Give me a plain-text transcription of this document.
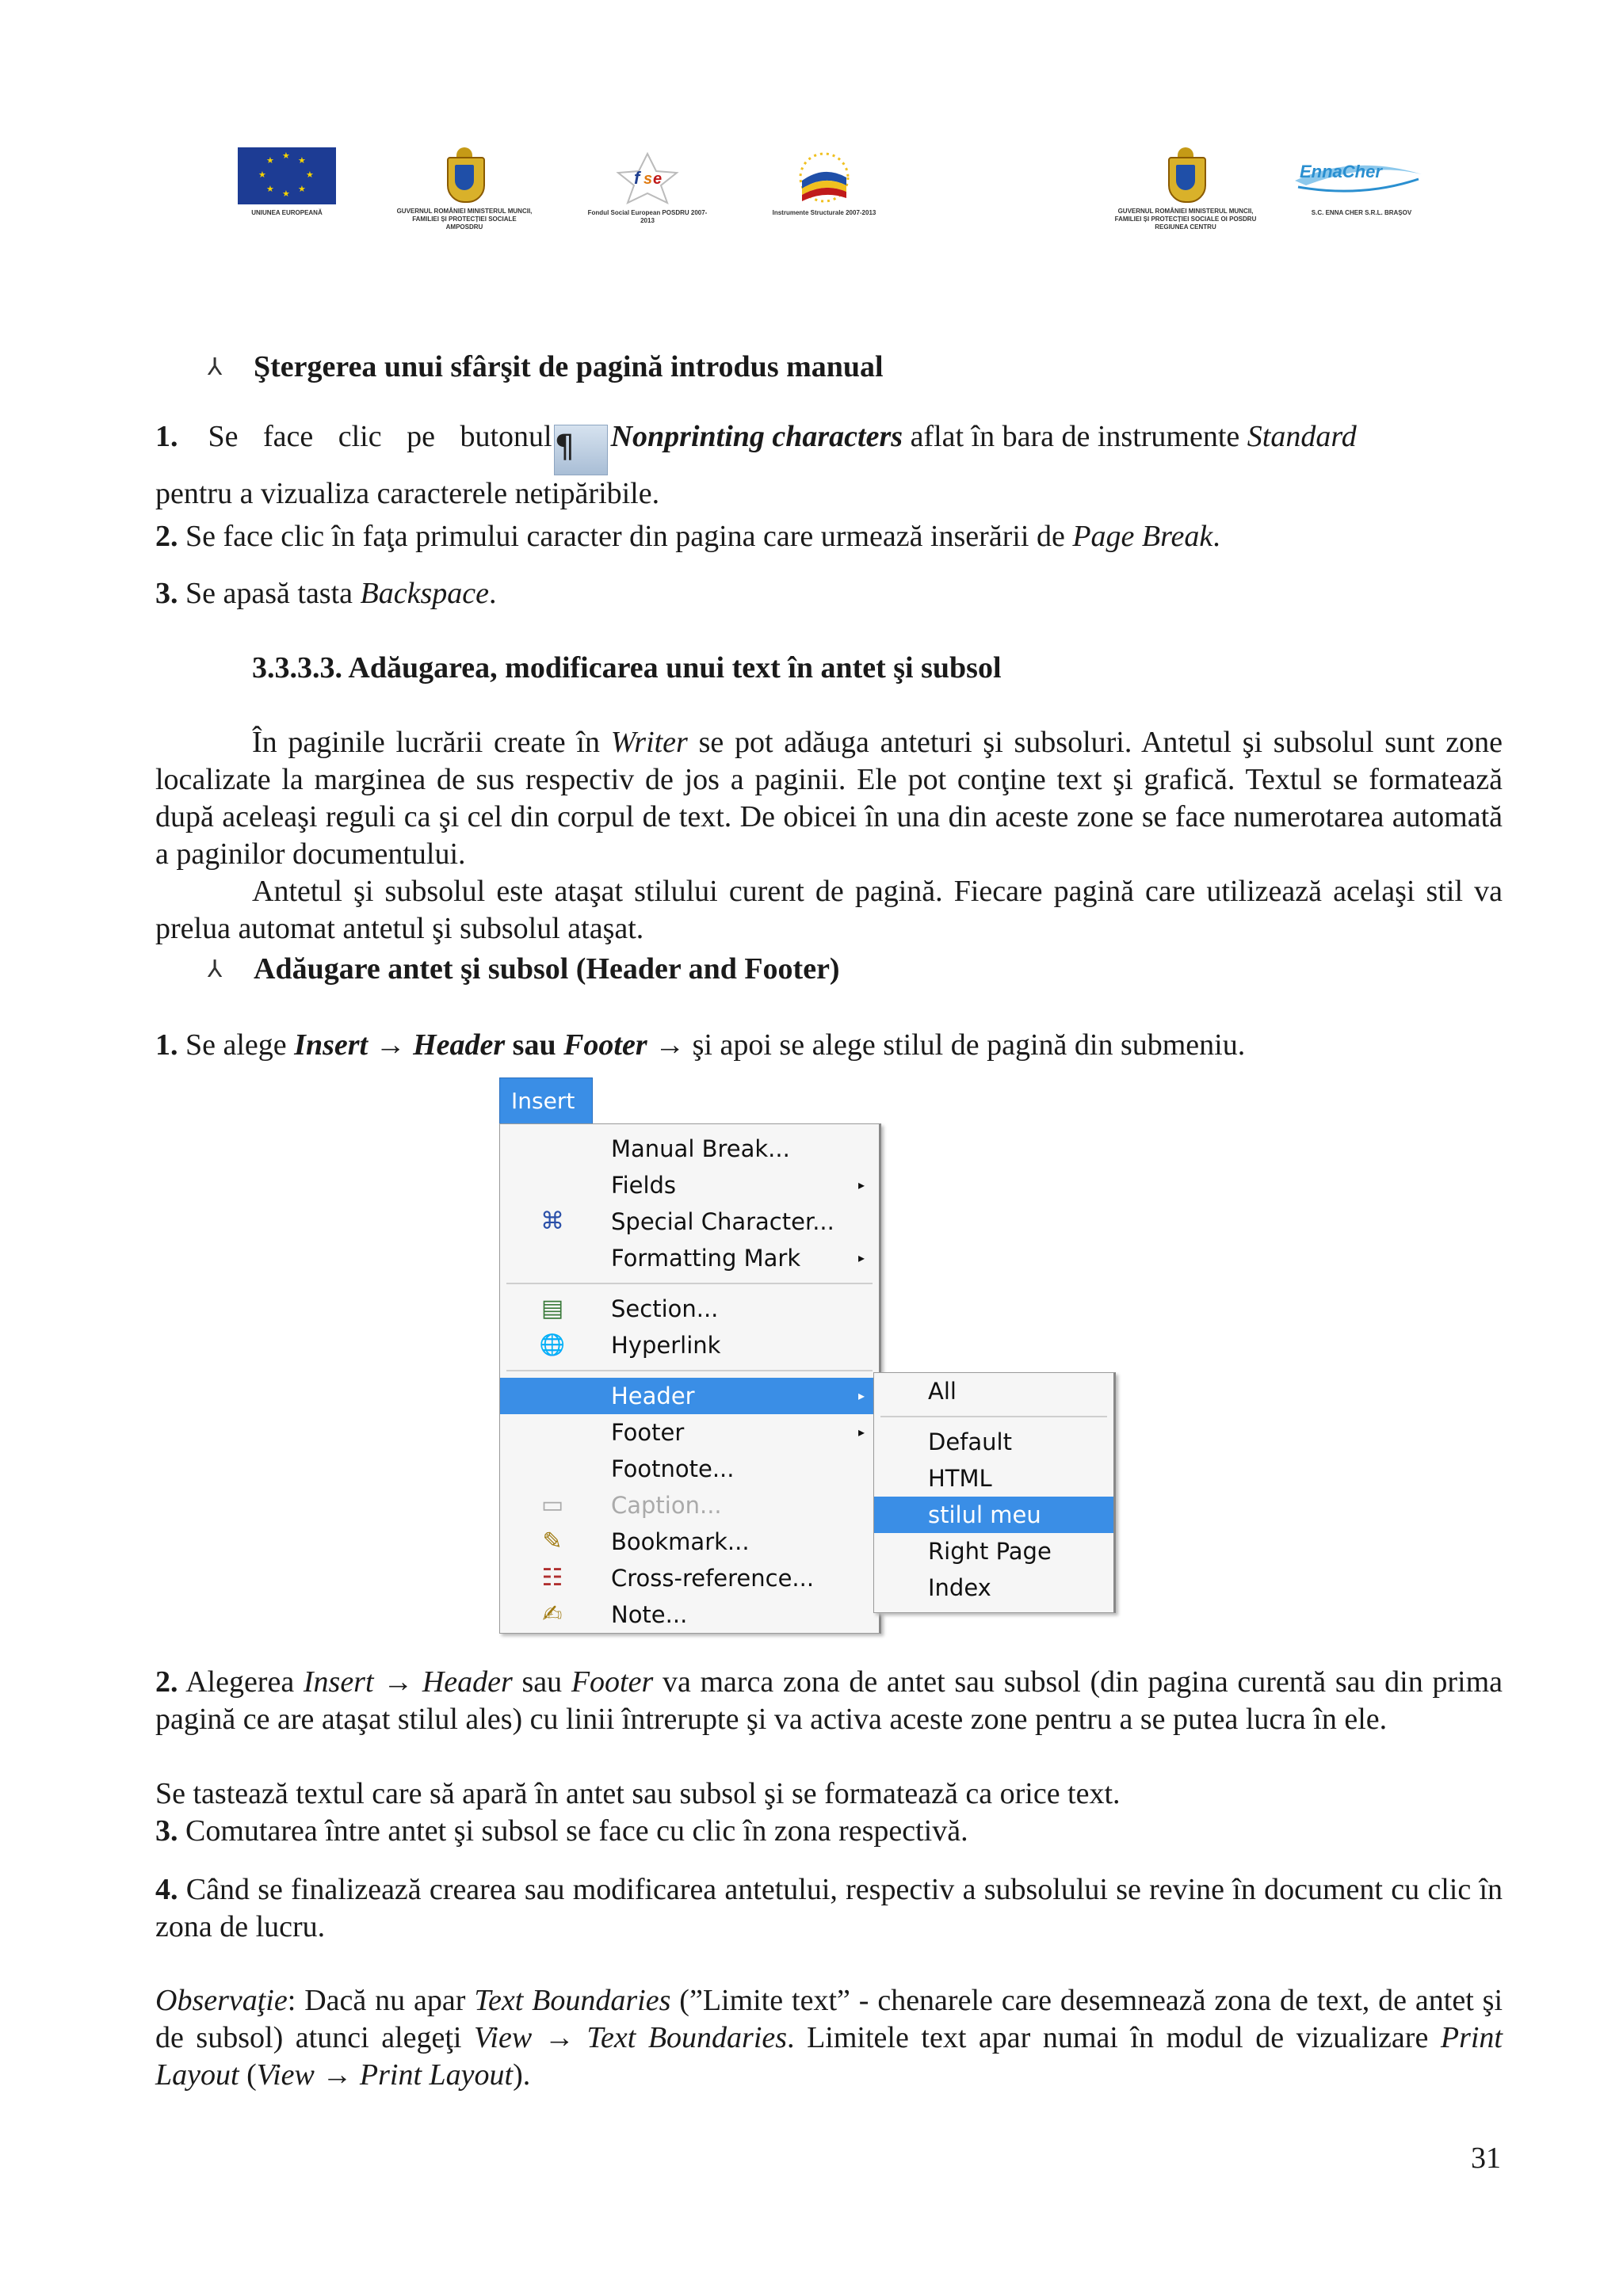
★ ★
★
★
★
★
★
★
UNIUNEA EUROPEANĂ	GUVERNUL ROMÂNIEI MINISTERUL MUNCII, FAMILIEI ȘI PROTECȚIEI SOCIALE AMPOSDRU
f s e
Fondul Social European POSDRU 2007-2013
Instrumente Structurale 2007-2013	GUVERNUL ROMÂNIEI MINISTERUL MUNCII, FAMILIEI ȘI PROTECȚIEI SOCIALE OI POSDRU REGIUNEA CENTRU
EnnaCher
S.C. ENNA CHER S.R.L. BRAȘOV
⅄ Ştergerea unui sfârşit de pagină introdus manual
1. Se face clic pe butonul¶ Nonprinting characters aflat în bara de instrumente Standard
pentru a vizualiza caracterele netipăribile.
2. Se face clic în faţa primului caracter din pagina care urmează inserării de Page Break.
3. Se apasă tasta Backspace.
3.3.3.3. Adăugarea, modificarea unui text în antet şi subsol
În paginile lucrării create în Writer se pot adăuga anteturi şi subsoluri. Antetul şi subsolul sunt zone localizate la marginea de sus respectiv de jos a paginii. Ele pot conţine text şi grafică. Textul se formatează după aceleaşi reguli ca şi cel din corpul de text. De obicei în una din aceste zone se face numerotarea automată a paginilor documentului.
Antetul şi subsolul este ataşat stilului curent de pagină. Fiecare pagină care utilizează acelaşi stil va prelua automat antetul şi subsolul ataşat.
⅄ Adăugare antet şi subsol (Header and Footer)
1. Se alege Insert → Header sau Footer → şi apoi se alege stilul de pagină din submeniu.
Insert
Manual Break...
Fields	▸
⌘ Special Character...
Formatting Mark	▸
▤ Section...
🌐 Hyperlink
Header	▸
Footer	▸
Footnote...
▭ Caption...
✎ Bookmark...
☷ Cross-reference...
✍ Note...
All
Default
HTML
stilul meu
Right Page
Index
2. Alegerea Insert → Header sau Footer va marca zona de antet sau subsol (din pagina curentă sau din prima pagină ce are ataşat stilul ales) cu linii întrerupte şi va activa aceste zone pentru a se putea lucra în ele.
Se tastează textul care să apară în antet sau subsol şi se formatează ca orice text.
3. Comutarea între antet şi subsol se face cu clic în zona respectivă.
4. Când se finalizează crearea sau modificarea antetului, respectiv a subsolului se revine în document cu clic în zona de lucru.
Observaţie: Dacă nu apar Text Boundaries (”Limite text” - chenarele care desemnează zona de text, de antet şi de subsol) atunci alegeţi View → Text Boundaries. Limitele text apar numai în modul de vizualizare Print Layout (View → Print Layout).
31
